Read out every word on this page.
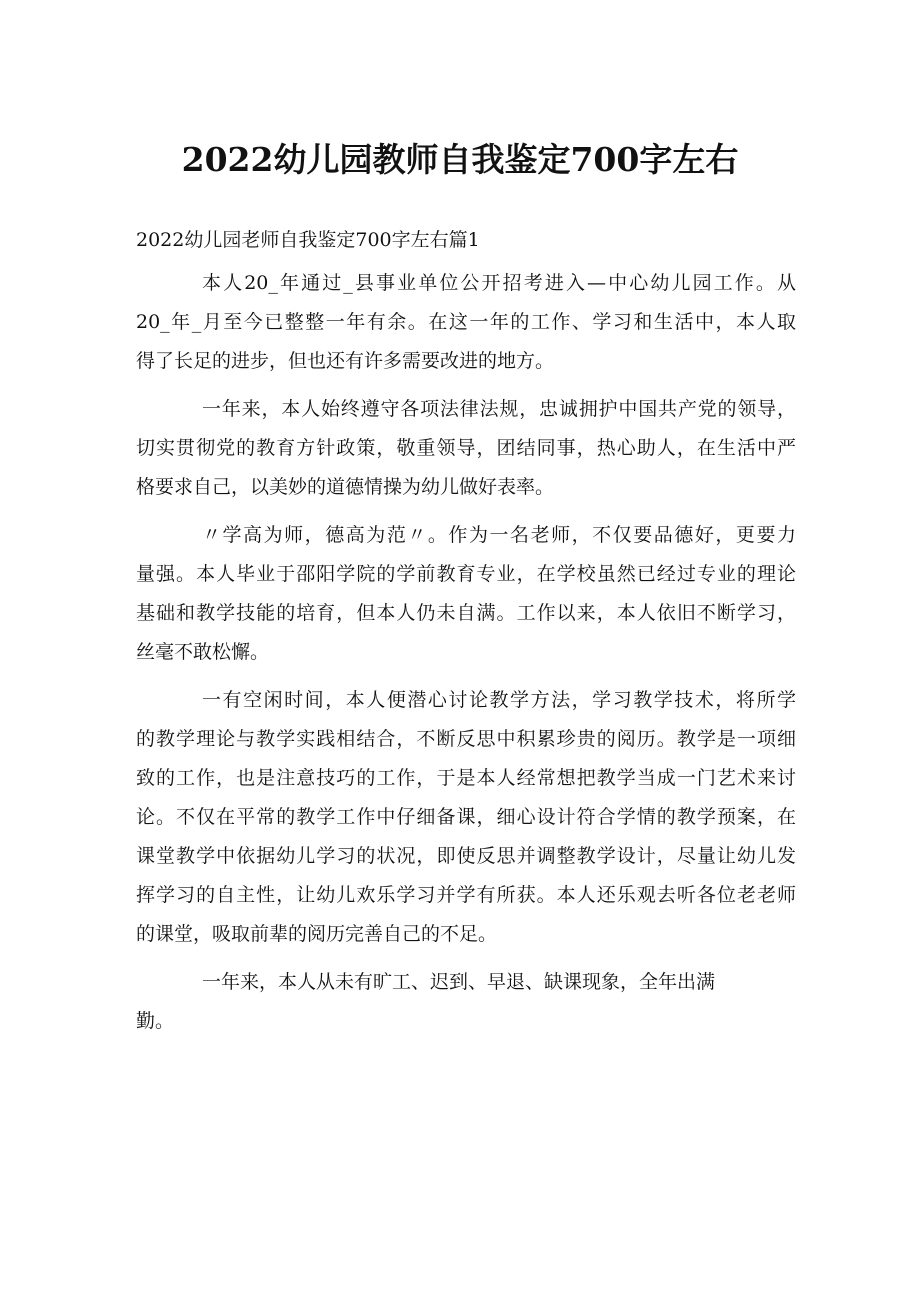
2022幼儿园教师自我鉴定700字左右
2022幼儿园老师自我鉴定700字左右篇1
本人20_年通过_县事业单位公开招考进入—中心幼儿园工作。从
20_年_月至今已整整一年有余。在这一年的工作、学习和生活中，本人取
得了长足的进步，但也还有许多需要改进的地方。
一年来，本人始终遵守各项法律法规，忠诚拥护中国共产党的领导，
切实贯彻党的教育方针政策，敬重领导，团结同事，热心助人，在生活中严
格要求自己，以美妙的道德情操为幼儿做好表率。
〃学高为师，德高为范〃。作为一名老师，不仅要品德好，更要力
量强。本人毕业于邵阳学院的学前教育专业，在学校虽然已经过专业的理论
基础和教学技能的培育，但本人仍未自满。工作以来，本人依旧不断学习，
丝毫不敢松懈。
一有空闲时间，本人便潜心讨论教学方法，学习教学技术，将所学
的教学理论与教学实践相结合，不断反思中积累珍贵的阅历。教学是一项细
致的工作，也是注意技巧的工作，于是本人经常想把教学当成一门艺术来讨
论。不仅在平常的教学工作中仔细备课，细心设计符合学情的教学预案，在
课堂教学中依据幼儿学习的状况，即使反思并调整教学设计，尽量让幼儿发
挥学习的自主性，让幼儿欢乐学习并学有所获。本人还乐观去听各位老老师
的课堂，吸取前辈的阅历完善自己的不足。
一年来，本人从未有旷工、迟到、早退、缺课现象，全年出满
勤。
